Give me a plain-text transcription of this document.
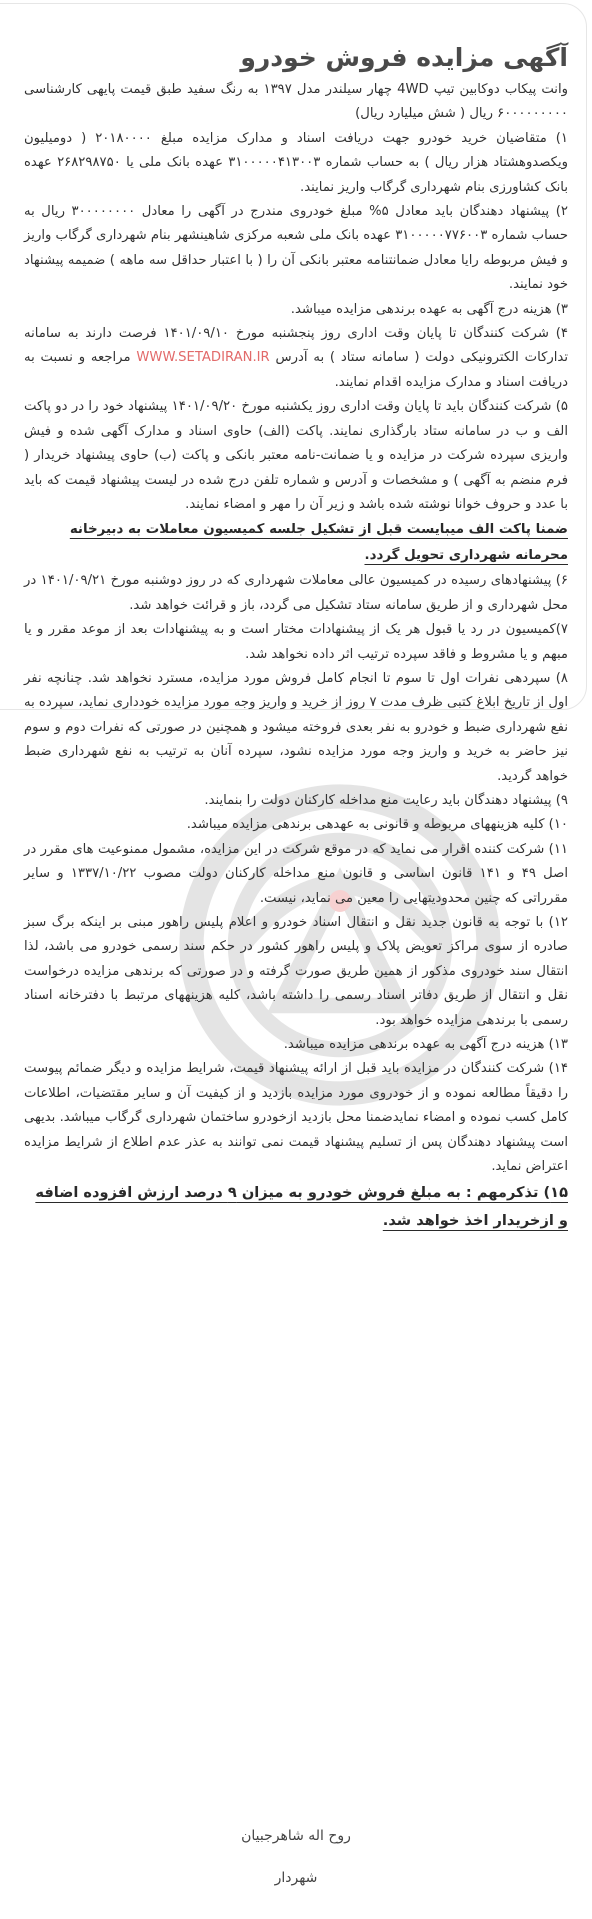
آگهی مزایده فروش خودرو

وانت پیکاب دوکابین تیپ 4WD چهار سیلندر مدل ۱۳۹۷ به رنگ سفید طبق قیمت پایهی کارشناسی ۶۰۰۰۰۰۰۰۰۰ ریال ( شش میلیارد ریال)

۱) متقاضیان خرید خودرو جهت دریافت اسناد و مدارک مزایده مبلغ ۲۰۱۸۰۰۰۰ ( دومیلیون ویکصدوهشتاد هزار ریال ) به حساب شماره ۳۱۰۰۰۰۰۴۱۳۰۰۳ عهده بانک ملی یا ۲۶۸۲۹۸۷۵۰ عهده بانک کشاورزی بنام شهرداری گرگاب واریز نمایند.

۲) پیشنهاد دهندگان باید معادل ۵% مبلغ خودروی مندرج در آگهی را معادل ۳۰۰۰۰۰۰۰۰ ریال به حساب شماره ۳۱۰۰۰۰۰۷۷۶۰۰۳ عهده بانک ملی شعبه مرکزی شاهینشهر بنام شهرداری گرگاب واریز و فیش مربوطه رایا معادل ضمانتنامه معتبر بانکی آن را ( با اعتبار حداقل سه ماهه ) ضمیمه پیشنهاد خود نمایند.

۳) هزینه درج آگهی به عهده برندهی مزایده میباشد.

۴) شرکت کنندگان تا پایان وقت اداری روز پنجشنبه مورخ ۱۴۰۱/۰۹/۱۰ فرصت دارند به سامانه تدارکات الکترونیکی دولت ( سامانه ستاد ) به آدرس WWW.SETADIRAN.IR مراجعه و نسبت به دریافت اسناد و مدارک مزایده اقدام نمایند.

۵) شرکت کنندگان باید تا پایان وقت اداری روز یکشنبه مورخ ۱۴۰۱/۰۹/۲۰ پیشنهاد خود را در دو پاکت الف و ب در سامانه ستاد بارگذاری نمایند. پاکت (الف) حاوی اسناد و مدارک آگهی شده و فیش واریزی سپرده شرکت در مزایده و یا ضمانت-نامه معتبر بانکی و پاکت (ب) حاوی پیشنهاد خریدار ( فرم منضم به آگهی ) و مشخصات و آدرس و شماره تلفن درج شده در لیست پیشنهاد قیمت که باید با عدد و حروف خوانا نوشته شده باشد و زیر آن را مهر و امضاء نمایند.

ضمنا پاکت الف میبایست قبل از تشکیل جلسه کمیسیون معاملات به دبیرخانه محرمانه شهرداری تحویل گردد.

۶) پیشنهادهای رسیده در کمیسیون عالی معاملات شهرداری که در روز دوشنبه مورخ ۱۴۰۱/۰۹/۲۱ در محل شهرداری و از طریق سامانه ستاد تشکیل می گردد، باز و قرائت خواهد شد.

۷)کمیسیون در رد یا قبول هر یک از پیشنهادات مختار است و به پیشنهادات بعد از موعد مقرر و یا مبهم و یا مشروط و فاقد سپرده ترتیب اثر داده نخواهد شد.

۸) سپردهی نفرات اول تا سوم تا انجام کامل فروش مورد مزایده، مسترد نخواهد شد. چنانچه نفر اول از تاریخ ابلاغ کتبی ظرف مدت ۷ روز از خرید و واریز وجه مورد مزایده خودداری نماید، سپرده به نفع شهرداری ضبط و خودرو به نفر بعدی فروخته میشود و همچنین در صورتی که نفرات دوم و سوم نیز حاضر به خرید و واریز وجه مورد مزایده نشود، سپرده آنان به ترتیب به نفع شهرداری ضبط خواهد گردید.

۹) پیشنهاد دهندگان باید رعایت منع مداخله کارکنان دولت را بنمایند.

۱۰) کلیه هزینههای مربوطه و قانونی به عهدهی برندهی مزایده میباشد.

۱۱) شرکت کننده اقرار می نماید که در موقع شرکت در این مزایده، مشمول ممنوعیت های مقرر در اصل ۴۹ و ۱۴۱ قانون اساسی و قانون منع مداخله کارکنان دولت مصوب ۱۳۳۷/۱۰/۲۲ و سایر مقرراتی که چنین محدودیتهایی را معین می نماید، نیست.

۱۲) با توجه به قانون جدید نقل و انتقال اسناد خودرو و اعلام پلیس راهور مبنی بر اینکه برگ سبز صادره از سوی مراکز تعویض پلاک و پلیس راهور کشور در حکم سند رسمی خودرو می باشد، لذا انتقال سند خودروی مذکور از همین طریق صورت گرفته و در صورتی که برندهی مزایده درخواست نقل و انتقال از طریق دفاتر اسناد رسمی را داشته باشد، کلیه هزینههای مرتبط با دفترخانه اسناد رسمی با برندهی مزایده خواهد بود.

۱۳) هزینه درج آگهی به عهده برندهی مزایده میباشد.

۱۴) شرکت کنندگان در مزایده باید قبل از ارائه پیشنهاد قیمت، شرایط مزایده و دیگر ضمائم پیوست را دقیقاً مطالعه نموده و از خودروی مورد مزایده بازدید و از کیفیت آن و سایر مقتضیات، اطلاعات کامل کسب نموده و امضاء نمایدضمنا محل بازدید ازخودرو ساختمان شهرداری گرگاب میباشد. بدیهی است پیشنهاد دهندگان پس از تسلیم پیشنهاد قیمت نمی توانند به عذر عدم اطلاع از شرایط مزایده اعتراض نماید.

۱۵) تذکرمهم : به مبلغ فروش خودرو به میزان ۹ درصد ارزش افزوده اضافه و ازخریدار اخذ خواهد شد.

روح اله شاهرجبیان
شهردار
